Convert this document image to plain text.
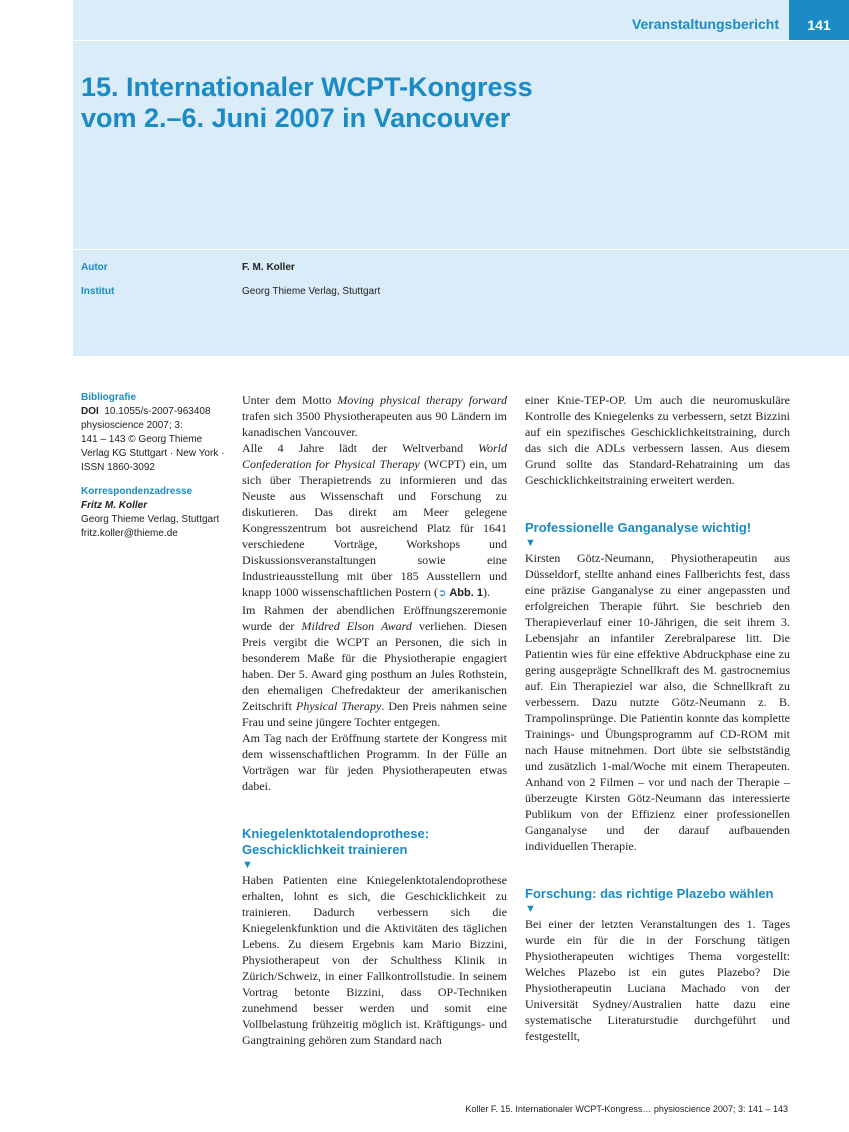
Veranstaltungsbericht	141
15. Internationaler WCPT-Kongress
vom 2.–6. Juni 2007 in Vancouver
Autor	F. M. Koller
Institut	Georg Thieme Verlag, Stuttgart
Bibliografie
DOI 10.1055/s-2007-963408
physioscience 2007; 3:
141 – 143 © Georg Thieme
Verlag KG Stuttgart · New York ·
ISSN 1860-3092
Korrespondenzadresse
Fritz M. Koller
Georg Thieme Verlag, Stuttgart
fritz.koller@thieme.de

Unter dem Motto Moving physical therapy forward trafen sich 3500 Physiotherapeuten aus 90 Ländern im kanadischen Vancouver.

Alle 4 Jahre lädt der Weltverband World Confederation for Physical Therapy (WCPT) ein, um sich über Therapietrends zu informieren und das Neuste aus Wissenschaft und Forschung zu diskutieren. Das direkt am Meer gelegene Kongresszentrum bot ausreichend Platz für 1641 verschiedene Vorträge, Workshops und Diskussionsveranstaltungen sowie eine Industrieausstellung mit über 185 Ausstellern und knapp 1000 wissenschaftlichen Postern (➲ Abb. 1).

Im Rahmen der abendlichen Eröffnungszeremonie wurde der Mildred Elson Award verliehen. Diesen Preis vergibt die WCPT an Personen, die sich in besonderem Maße für die Physiotherapie engagiert haben. Der 5. Award ging posthum an Jules Rothstein, den ehemaligen Chefredakteur der amerikanischen Zeitschrift Physical Therapy. Den Preis nahmen seine Frau und seine jüngere Tochter entgegen.

Am Tag nach der Eröffnung startete der Kongress mit dem wissenschaftlichen Programm. In der Fülle an Vorträgen war für jeden Physiotherapeuten etwas dabei.

Kniegelenktotalendoprothese:
Geschicklichkeit trainieren

▼

Haben Patienten eine Kniegelenktotalendoprothese erhalten, lohnt es sich, die Geschicklichkeit zu trainieren. Dadurch verbessern sich die Kniegelenkfunktion und die Aktivitäten des täglichen Lebens. Zu diesem Ergebnis kam Mario Bizzini, Physiotherapeut von der Schulthess Klinik in Zürich/Schweiz, in einer Fallkontrollstudie. In seinem Vortrag betonte Bizzini, dass OP-Techniken zunehmend besser werden und somit eine Vollbelastung frühzeitig möglich ist. Kräftigungs- und Gangtraining gehören zum Standard nach

einer Knie-TEP-OP. Um auch die neuromuskuläre Kontrolle des Kniegelenks zu verbessern, setzt Bizzini auf ein spezifisches Geschicklichkeitstraining, durch das sich die ADLs verbessern lassen. Aus diesem Grund sollte das Standard-Rehatraining um das Geschicklichkeitstraining erweitert werden.

Professionelle Ganganalyse wichtig!

▼

Kirsten Götz-Neumann, Physiotherapeutin aus Düsseldorf, stellte anhand eines Fallberichts fest, dass eine präzise Ganganalyse zu einer angepassten und erfolgreichen Therapie führt. Sie beschrieb den Therapieverlauf einer 10-Jährigen, die seit ihrem 3. Lebensjahr an infantiler Zerebralparese litt. Die Patientin wies für eine effektive Abdruckphase eine zu gering ausgeprägte Schnellkraft des M. gastrocnemius auf. Ein Therapieziel war also, die Schnellkraft zu verbessern. Dazu nutzte Götz-Neumann z. B. Trampolinsprünge. Die Patientin konnte das komplette Trainings- und Übungsprogramm auf CD-ROM mit nach Hause mitnehmen. Dort übte sie selbstständig und zusätzlich 1-mal/Woche mit einem Therapeuten. Anhand von 2 Filmen – vor und nach der Therapie – überzeugte Kirsten Götz-Neumann das interessierte Publikum von der Effizienz einer professionellen Ganganalyse und der darauf aufbauenden individuellen Therapie.

Forschung: das richtige Plazebo wählen

▼

Bei einer der letzten Veranstaltungen des 1. Tages wurde ein für die in der Forschung tätigen Physiotherapeuten wichtiges Thema vorgestellt: Welches Plazebo ist ein gutes Plazebo? Die Physiotherapeutin Luciana Machado von der Universität Sydney/Australien hatte dazu eine systematische Literaturstudie durchgeführt und festgestellt,

Koller F. 15. Internationaler WCPT-Kongress… physioscience 2007; 3: 141 – 143
